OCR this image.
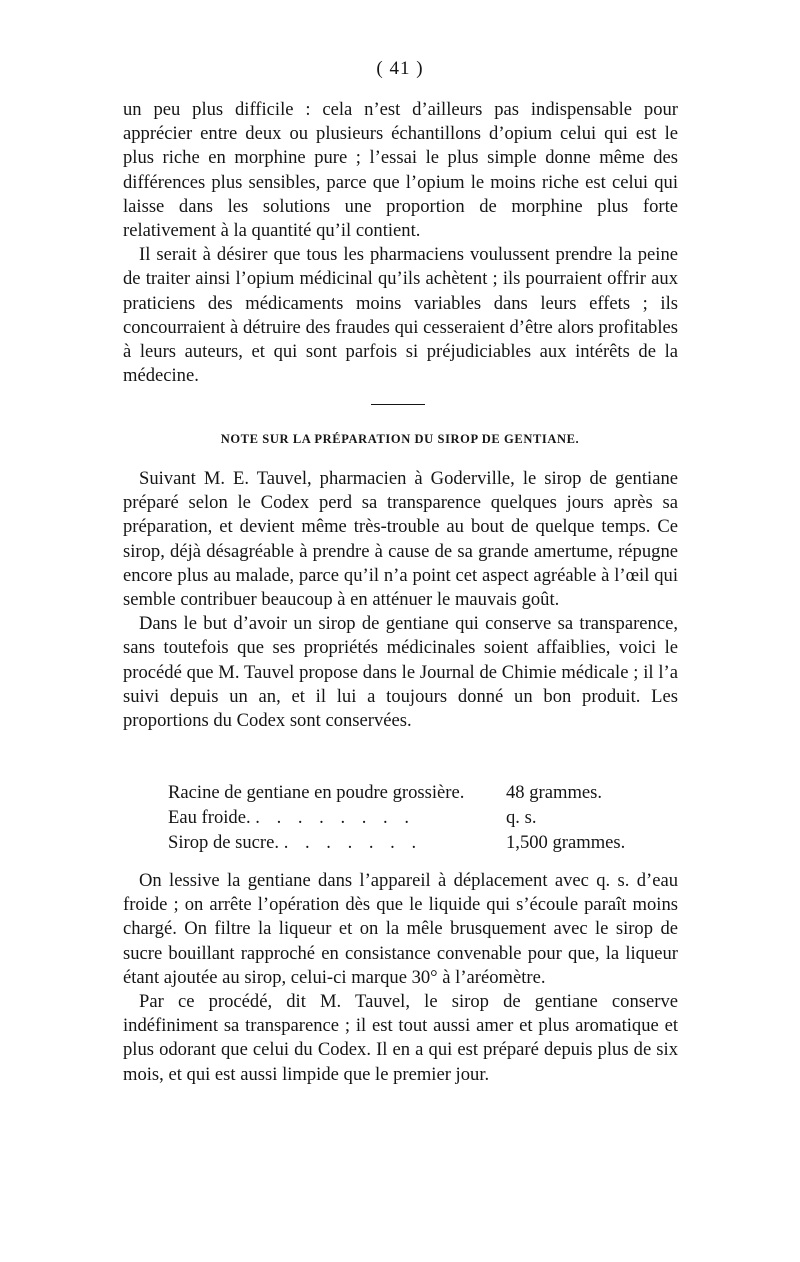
( 41 )

un peu plus difficile : cela n’est d’ailleurs pas indispensable pour apprécier entre deux ou plusieurs échantillons d’opium celui qui est le plus riche en morphine pure ; l’essai le plus simple donne même des différences plus sensibles, parce que l’opium le moins riche est celui qui laisse dans les solutions une proportion de morphine plus forte relativement à la quantité qu’il contient.

Il serait à désirer que tous les pharmaciens voulussent prendre la peine de traiter ainsi l’opium médicinal qu’ils achètent ; ils pourraient offrir aux praticiens des médicaments moins variables dans leurs effets ; ils concourraient à détruire des fraudes qui cesseraient d’être alors profitables à leurs auteurs, et qui sont parfois si préjudiciables aux intérêts de la médecine.

NOTE SUR LA PRÉPARATION DU SIROP DE GENTIANE.

Suivant M. E. Tauvel, pharmacien à Goderville, le sirop de gentiane préparé selon le Codex perd sa transparence quelques jours après sa préparation, et devient même très-trouble au bout de quelque temps. Ce sirop, déjà désagréable à prendre à cause de sa grande amertume, répugne encore plus au malade, parce qu’il n’a point cet aspect agréable à l’œil qui semble contribuer beaucoup à en atténuer le mauvais goût.

Dans le but d’avoir un sirop de gentiane qui conserve sa transparence, sans toutefois que ses propriétés médicinales soient affaiblies, voici le procédé que M. Tauvel propose dans le Journal de Chimie médicale ; il l’a suivi depuis un an, et il lui a toujours donné un bon produit. Les proportions du Codex sont conservées.

Racine de gentiane en poudre grossière.	48 grammes.
Eau froide. . . . . . . . .	q. s.
Sirop de sucre. . . . . . . .	1,500 grammes.

On lessive la gentiane dans l’appareil à déplacement avec q. s. d’eau froide ; on arrête l’opération dès que le liquide qui s’écoule paraît moins chargé. On filtre la liqueur et on la mêle brusquement avec le sirop de sucre bouillant rapproché en consistance convenable pour que, la liqueur étant ajoutée au sirop, celui-ci marque 30° à l’aréomètre.

Par ce procédé, dit M. Tauvel, le sirop de gentiane conserve indéfiniment sa transparence ; il est tout aussi amer et plus aromatique et plus odorant que celui du Codex. Il en a qui est préparé depuis plus de six mois, et qui est aussi limpide que le premier jour.
